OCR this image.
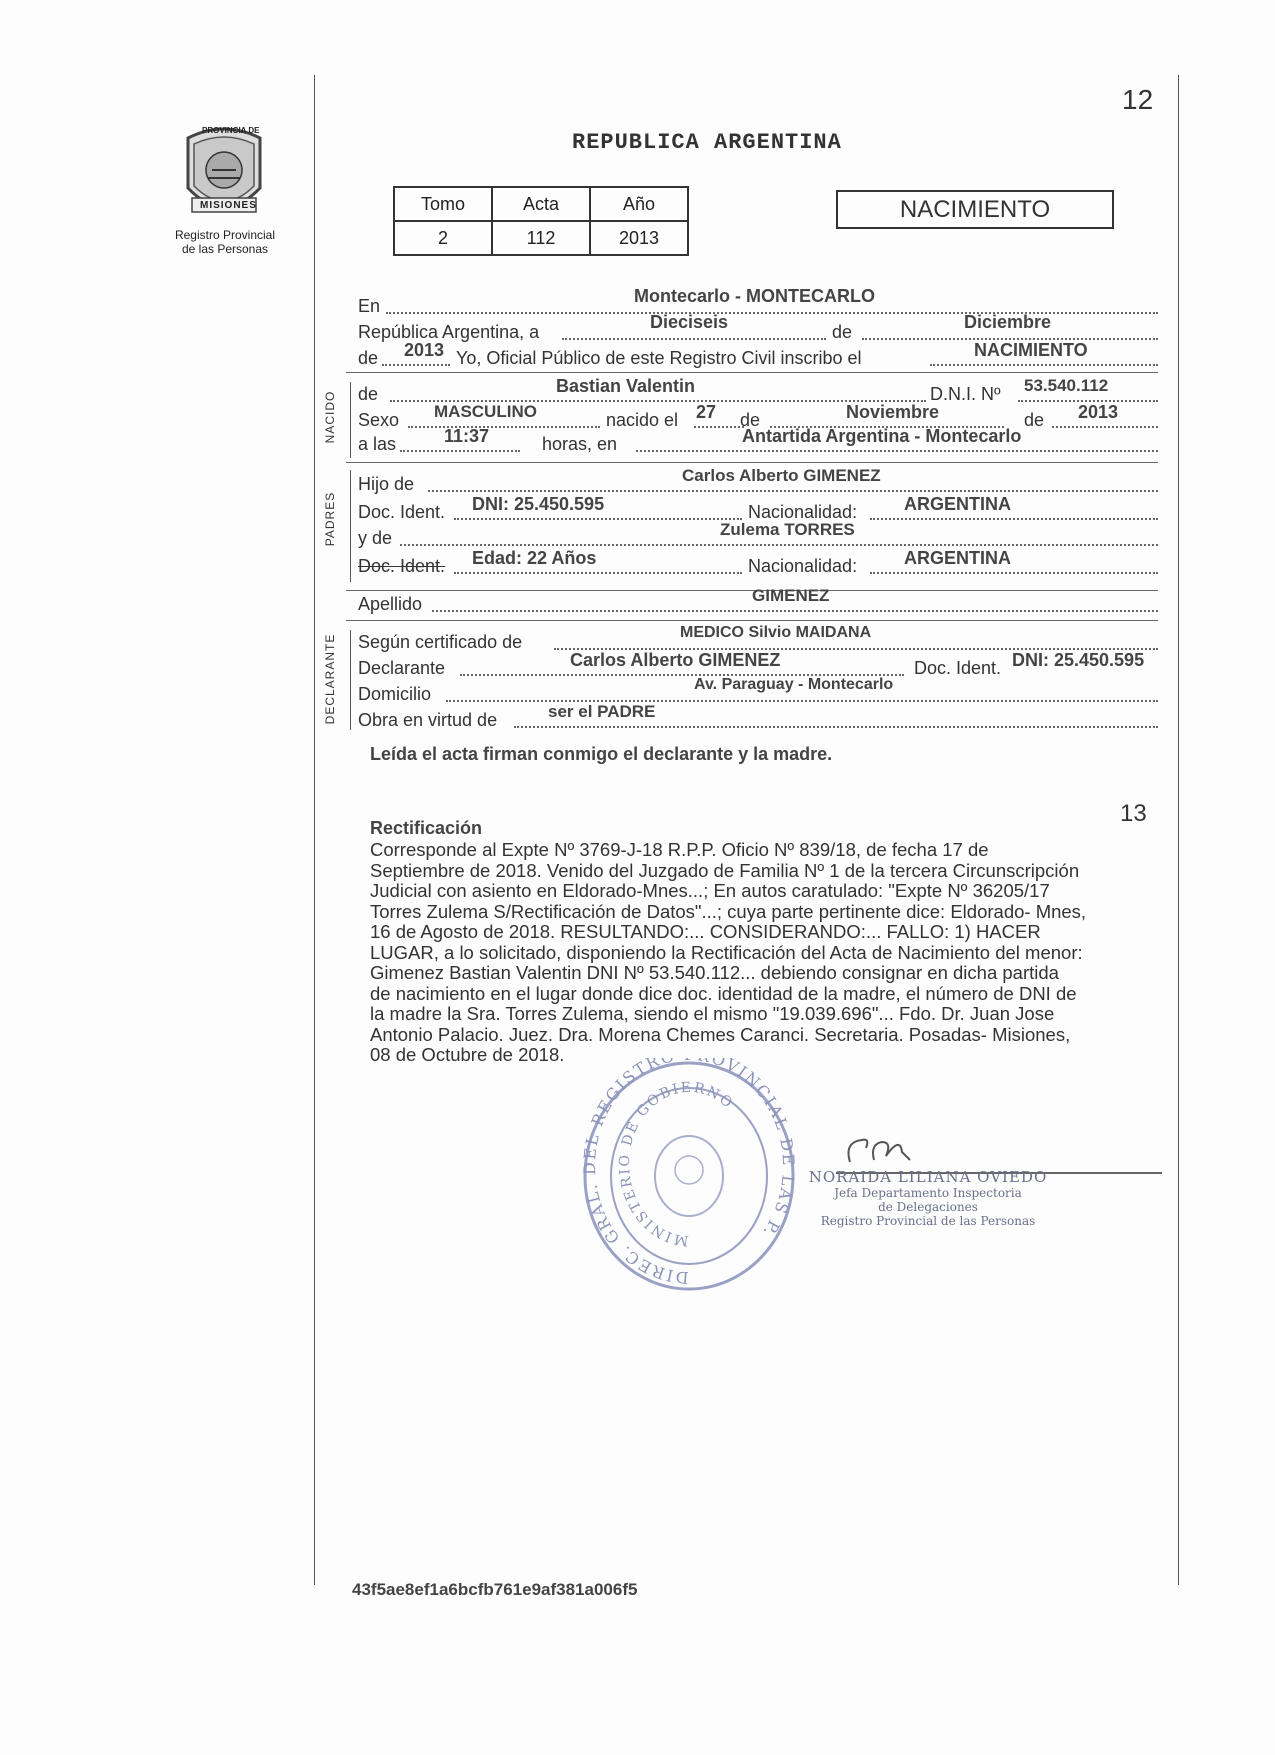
PROVINCIA DE
MISIONES
Registro Provincial
de las Personas
12
REPUBLICA ARGENTINA
Tomo	Acta	Año
2	112	2013
NACIMIENTO
NACIDO
PADRES
DECLARANTE
En	Montecarlo - MONTECARLO
República Argentina, a	Dieciseis	de	Diciembre
de 2013 Yo, Oficial Público de este Registro Civil inscribo el	NACIMIENTO
de	Bastian Valentin	D.N.I. Nº 53.540.112
Sexo MASCULINO	nacido el 27 de	Noviembre	de 2013
a las	11:37	horas, en	Antartida Argentina - Montecarlo
Hijo de	Carlos Alberto GIMENEZ
Doc. Ident. DNI: 25.450.595	Nacionalidad:	ARGENTINA
y de	Zulema TORRES
Doc. Ident. Edad: 22 Años	Nacionalidad:	ARGENTINA
Apellido	GIMENEZ
Según certificado de	MEDICO Silvio MAIDANA
Declarante	Carlos Alberto GIMENEZ	Doc. Ident. DNI: 25.450.595
Domicilio	Av. Paraguay - Montecarlo
Obra en virtud de	ser el PADRE
Leída el acta firman conmigo el declarante y la madre.
13
Rectificación
Corresponde al Expte Nº 3769-J-18 R.P.P. Oficio Nº 839/18, de fecha 17 de
Septiembre de 2018. Venido del Juzgado de Familia Nº 1 de la tercera Circunscripción
Judicial con asiento en Eldorado-Mnes...; En autos caratulado: "Expte Nº 36205/17
Torres Zulema S/Rectificación de Datos"...; cuya parte pertinente dice: Eldorado- Mnes,
16 de Agosto de 2018. RESULTANDO:... CONSIDERANDO:... FALLO: 1) HACER
LUGAR, a lo solicitado, disponiendo la Rectificación del Acta de Nacimiento del menor:
Gimenez Bastian Valentin DNI Nº 53.540.112... debiendo consignar en dicha partida
de nacimiento en el lugar donde dice doc. identidad de la madre, el número de DNI de
la madre la Sra. Torres Zulema, siendo el mismo "19.039.696"... Fdo. Dr. Juan Jose
Antonio Palacio. Juez. Dra. Morena Chemes Caranci. Secretaria. Posadas- Misiones,
08 de Octubre de 2018.
DIREC. GRAL. DEL REGISTR OVINCIAL DE LAS P.
MINISTERIO DE GOBIERNO
NORAIDA LILIANA OVIEDO
Jefa Departamento Inspectoria
de Delegaciones
Registro Provincial de las Personas
43f5ae8ef1a6bcfb761e9af381a006f5
